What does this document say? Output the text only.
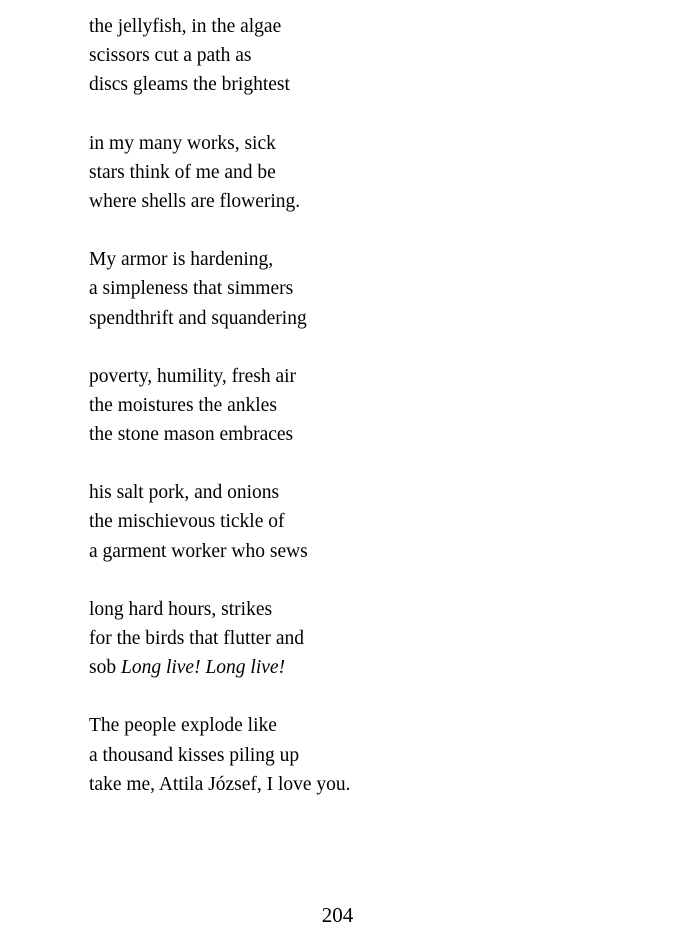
the jellyfish, in the algae
scissors cut a path as
discs gleams the brightest
in my many works, sick
stars think of me and be
where shells are flowering.
My armor is hardening,
a simpleness that simmers
spendthrift and squandering
poverty, humility, fresh air
the moistures the ankles
the stone mason embraces
his salt pork, and onions
the mischievous tickle of
a garment worker who sews
long hard hours, strikes
for the birds that flutter and
sob Long live! Long live!
The people explode like
a thousand kisses piling up
take me, Attila József, I love you.
204
